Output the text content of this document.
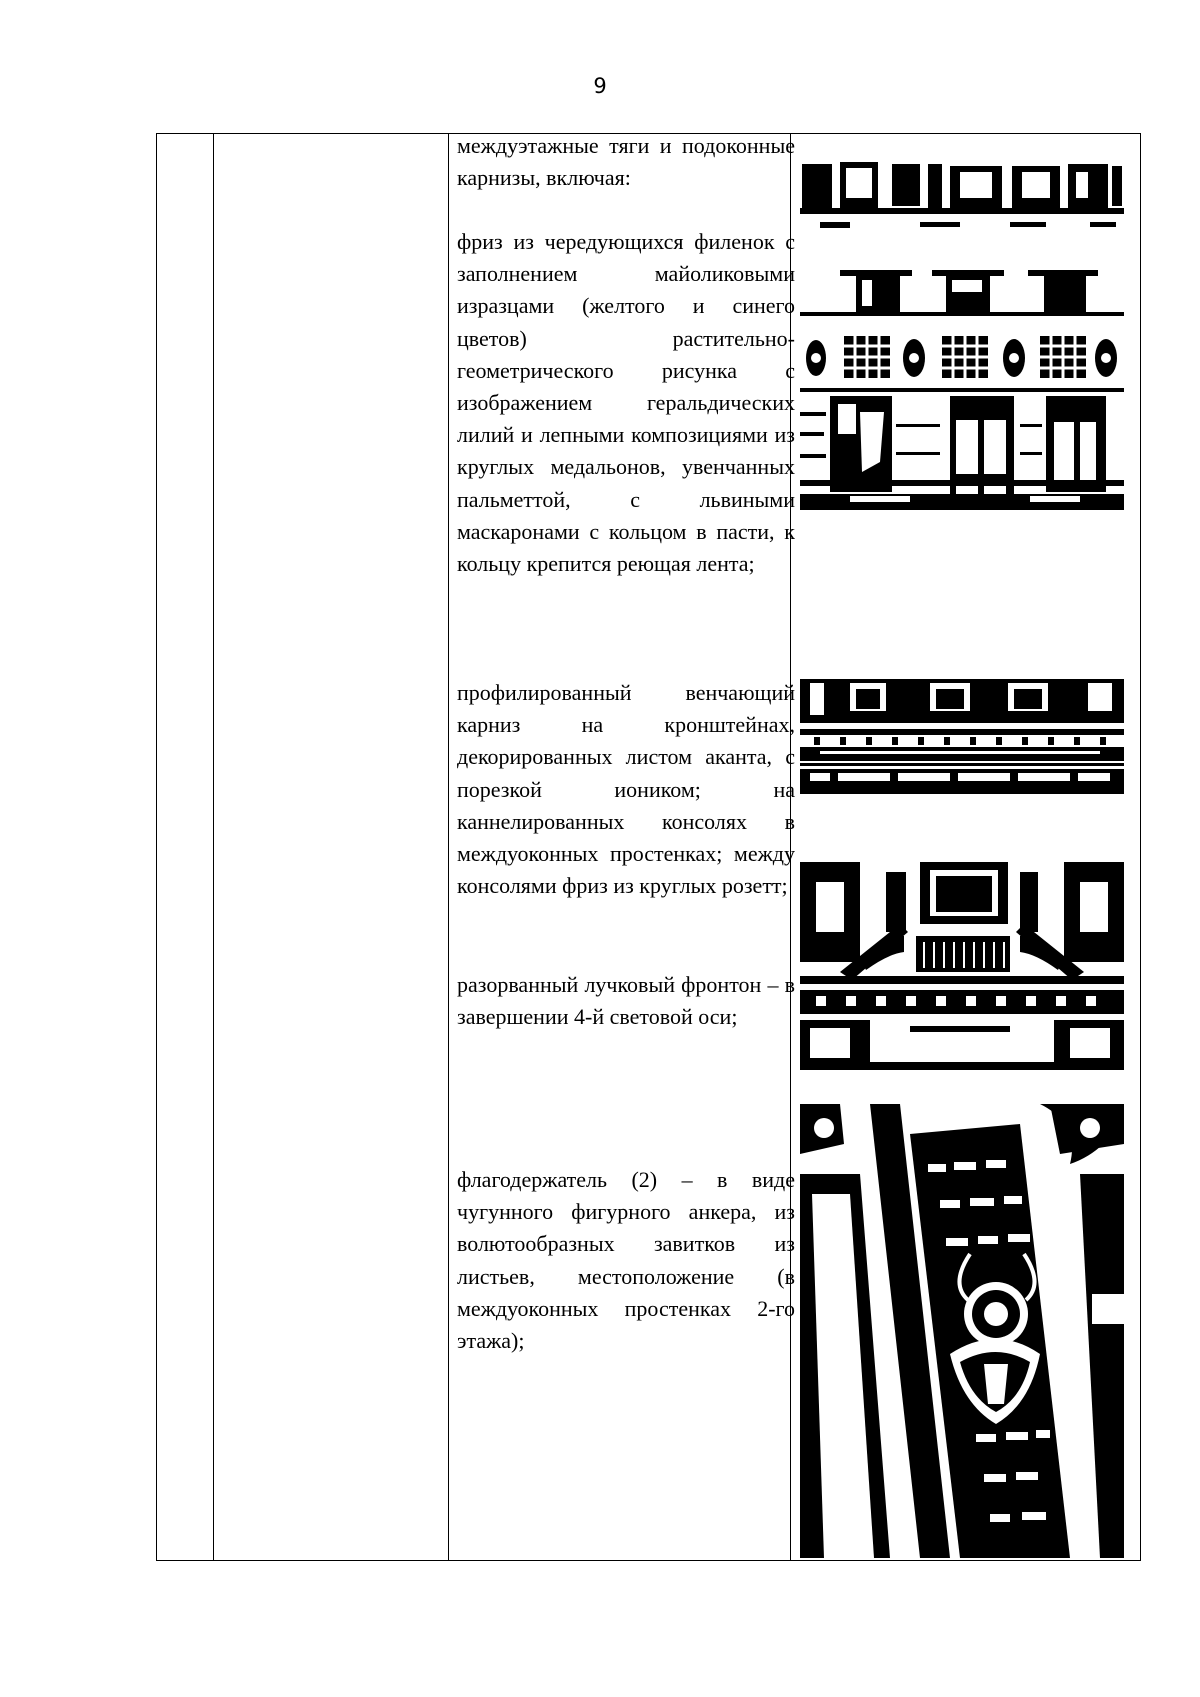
9
междуэтажные тяги и подоконные карнизы, включая:
фриз из чередующихся филенок с заполнением майоликовыми изразцами (желтого и синего цветов) растительно-геометрического рисунка с изображением геральдических лилий и лепными композициями из круглых медальонов, увенчанных пальметтой, с львиными маскаронами с кольцом в пасти, к кольцу крепится реющая лента;
профилированный венчающий карниз на кронштейнах, декорированных листом аканта, с порезкой иоником; на каннелированных консолях в междуоконных простенках; между консолями фриз из круглых розетт;
разорванный лучковый фронтон – в завершении 4-й световой оси;
флагодержатель (2) – в виде чугунного фигурного анкера, из волютообразных завитков из листьев, местоположение (в междуоконных простенках 2-го этажа);
